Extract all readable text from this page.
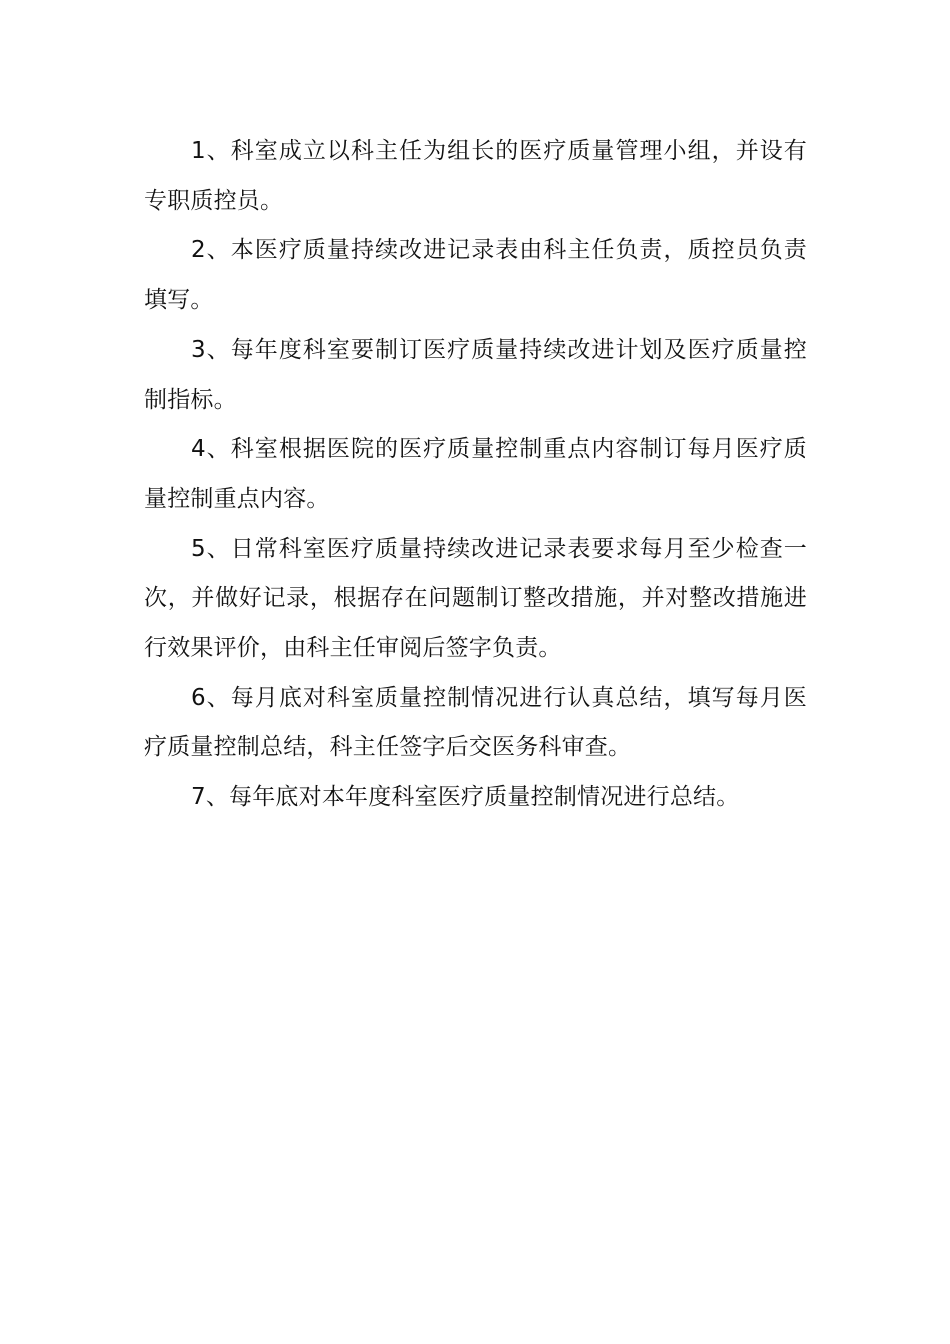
1、科室成立以科主任为组长的医疗质量管理小组，并设有专职质控员。

2、本医疗质量持续改进记录表由科主任负责，质控员负责填写。

3、每年度科室要制订医疗质量持续改进计划及医疗质量控制指标。

4、科室根据医院的医疗质量控制重点内容制订每月医疗质量控制重点内容。

5、日常科室医疗质量持续改进记录表要求每月至少检查一次，并做好记录，根据存在问题制订整改措施，并对整改措施进行效果评价，由科主任审阅后签字负责。

6、每月底对科室质量控制情况进行认真总结，填写每月医疗质量控制总结，科主任签字后交医务科审查。

7、每年底对本年度科室医疗质量控制情况进行总结。
